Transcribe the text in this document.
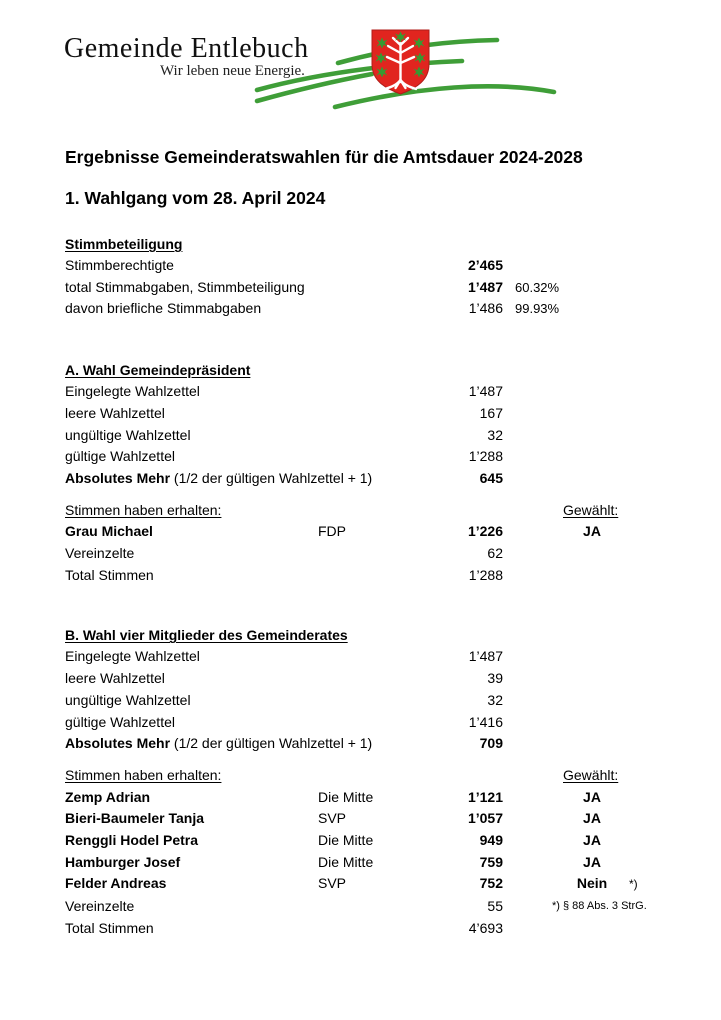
Gemeinde Entlebuch
Wir leben neue Energie.
Ergebnisse Gemeinderatswahlen für die Amtsdauer 2024-2028
1. Wahlgang vom 28. April 2024
Stimmbeteiligung
Stimmberechtigte	2’465
total Stimmabgaben, Stimmbeteiligung	1’487 60.32%
davon briefliche Stimmabgaben	1’486 99.93%
A. Wahl Gemeindepräsident
Eingelegte Wahlzettel	1’487
leere Wahlzettel	167
ungültige Wahlzettel	32
gültige Wahlzettel	1’288
Absolutes Mehr (1/2 der gültigen Wahlzettel + 1)	645
Stimmen haben erhalten:	Gewählt:
Grau Michael	FDP	1’226	JA
Vereinzelte	62
Total Stimmen	1’288
B. Wahl vier Mitglieder des Gemeinderates
Eingelegte Wahlzettel	1’487
leere Wahlzettel	39
ungültige Wahlzettel	32
gültige Wahlzettel	1’416
Absolutes Mehr (1/2 der gültigen Wahlzettel + 1)	709
Stimmen haben erhalten:	Gewählt:
Zemp Adrian	Die Mitte	1’121	JA
Bieri-Baumeler Tanja	SVP	1’057	JA
Renggli Hodel Petra	Die Mitte	949	JA
Hamburger Josef	Die Mitte	759	JA
Felder Andreas	SVP	752	Nein *)
Vereinzelte	55	*) § 88 Abs. 3 StrG.
Total Stimmen	4’693
